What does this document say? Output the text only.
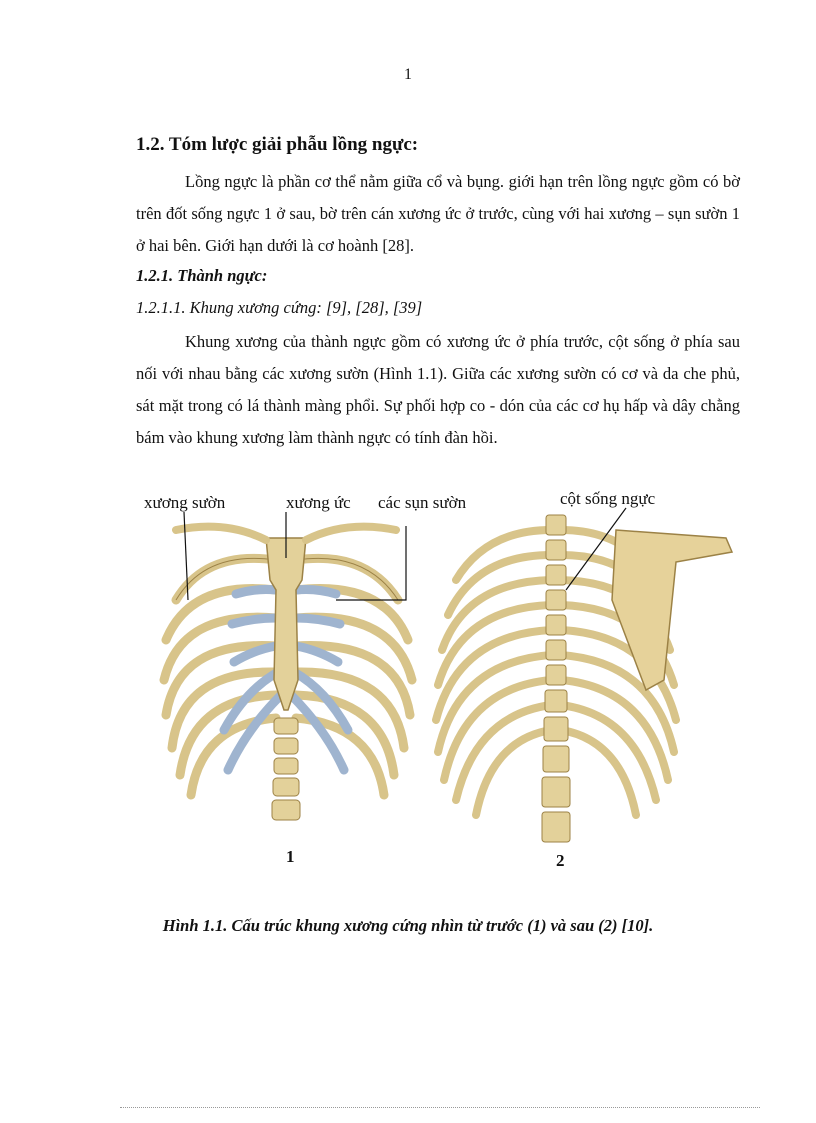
1
1.2. Tóm lược giải phẫu lồng ngực:

Lồng ngực là phần cơ thể nằm giữa cổ và bụng. giới hạn trên lồng ngực gồm có bờ trên đốt sống ngực 1 ở sau, bờ trên cán xương ức ở trước, cùng với hai xương – sụn sườn 1 ở hai bên. Giới hạn dưới là cơ hoành [28].

1.2.1. Thành ngực:
1.2.1.1. Khung xương cứng: [9], [28], [39]

Khung xương của thành ngực gồm có xương ức ở phía trước, cột sống ở phía sau nối với nhau bằng các xương sườn (Hình 1.1). Giữa các xương sườn có cơ và da che phủ, sát mặt trong có lá thành màng phổi. Sự phối hợp co - dón của các cơ hụ hấp và dây chằng bám vào khung xương làm thành ngực có tính đàn hồi.

xương sườn	xương ức các sụn sườn	cột sống ngực
1	2
Hình 1.1. Cấu trúc khung xương cứng nhìn từ trước (1) và sau (2) [10].
